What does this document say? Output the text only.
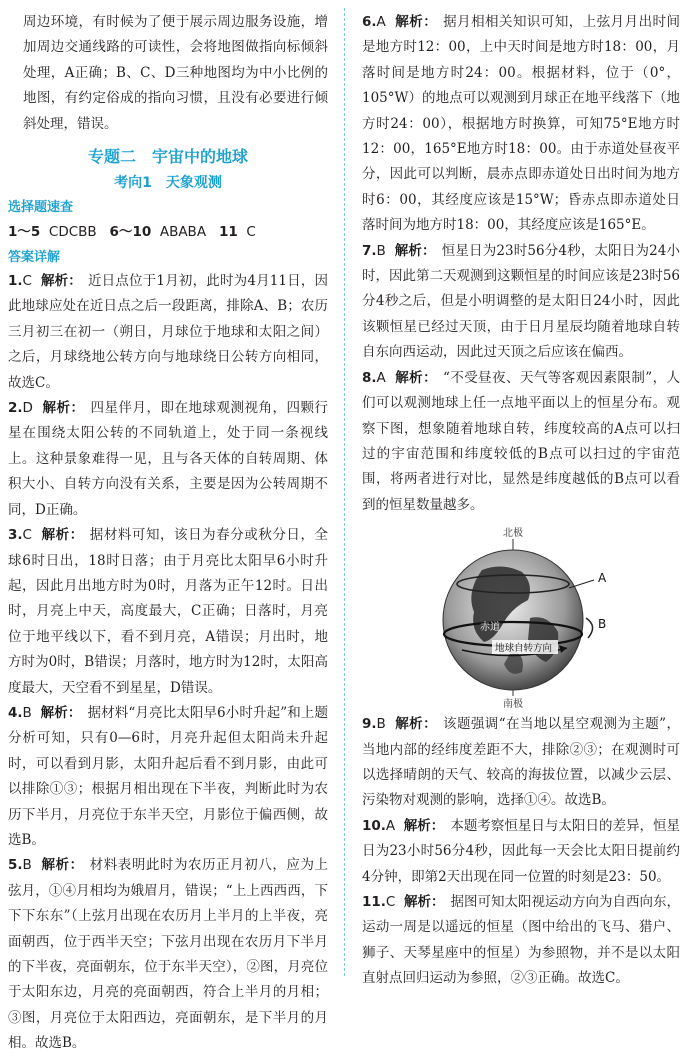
周边环境，有时候为了便于展示周边服务设施，增加周边交通线路的可读性，会将地图做指向标倾斜处理，A正确；B、C、D三种地图均为中小比例的地图，有约定俗成的指向习惯，且没有必要进行倾斜处理，错误。

专题二　宇宙中的地球
考向1　天象观测
选择题速查
1～5 CDCBB 6～10 ABABA 11 C
答案详解

1.C 解析： 近日点位于1月初，此时为4月11日，因此地球应处在近日点之后一段距离，排除A、B；农历三月初三在初一（朔日，月球位于地球和太阳之间）之后，月球绕地公转方向与地球绕日公转方向相同，故选C。

2.D 解析： 四星伴月，即在地球观测视角，四颗行星在围绕太阳公转的不同轨道上，处于同一条视线上。这种景象难得一见，且与各天体的自转周期、体积大小、自转方向没有关系，主要是因为公转周期不同，D正确。

3.C 解析： 据材料可知，该日为春分或秋分日，全球6时日出，18时日落；由于月亮比太阳早6小时升起，因此月出地方时为0时，月落为正午12时。日出时，月亮上中天，高度最大，C正确；日落时，月亮位于地平线以下，看不到月亮，A错误；月出时，地方时为0时，B错误；月落时，地方时为12时，太阳高度最大，天空看不到星星，D错误。

4.B 解析： 据材料“月亮比太阳早6小时升起”和上题分析可知，只有0—6时，月亮升起但太阳尚未升起时，可以看到月影，太阳升起后看不到月影，由此可以排除①③；根据月相出现在下半夜，判断此时为农历下半月，月亮位于东半天空，月影位于偏西侧，故选B。

5.B 解析： 材料表明此时为农历正月初八，应为上弦月，①④月相均为娥眉月，错误；“上上西西西，下下下东东”（上弦月出现在农历月上半月的上半夜，亮面朝西，位于西半天空；下弦月出现在农历月下半月的下半夜，亮面朝东，位于东半天空），②图，月亮位于太阳东边，月亮的亮面朝西，符合上半月的月相；③图，月亮位于太阳西边，亮面朝东，是下半月的月相。故选B。

6.A 解析： 据月相相关知识可知，上弦月月出时间是地方时12：00，上中天时间是地方时18：00，月落时间是地方时24：00。根据材料，位于（0°，105°W）的地点可以观测到月球正在地平线落下（地方时24：00），根据地方时换算，可知75°E地方时12：00，165°E地方时18：00。由于赤道处昼夜平分，因此可以判断，晨赤点即赤道处日出时间为地方时6：00，其经度应该是15°W；昏赤点即赤道处日落时间为地方时18：00，其经度应该是165°E。

7.B 解析： 恒星日为23时56分4秒，太阳日为24小时，因此第二天观测到这颗恒星的时间应该是23时56分4秒之后，但是小明调整的是太阳日24小时，因此该颗恒星已经过天顶，由于日月星辰均随着地球自转自东向西运动，因此过天顶之后应该在偏西。

8.A 解析： “不受昼夜、天气等客观因素限制”，人们可以观测地球上任一点地平面以上的恒星分布。观察下图，想象随着地球自转，纬度较高的A点可以扫过的宇宙范围和纬度较低的B点可以扫过的宇宙范围，将两者进行对比，显然是纬度越低的B点可以看到的恒星数量越多。

北极
A
B
赤道
地球自转方向
南极

9.B 解析： 该题强调“在当地以星空观测为主题”，当地内部的经纬度差距不大，排除②③；在观测时可以选择晴朗的天气、较高的海拔位置，以减少云层、污染物对观测的影响，选择①④。故选B。

10.A 解析： 本题考察恒星日与太阳日的差异，恒星日为23小时56分4秒，因此每一天会比太阳日提前约4分钟，即第2天出现在同一位置的时刻是23：50。

11.C 解析： 据图可知太阳视运动方向为自西向东，运动一周是以遥远的恒星（图中给出的飞马、猎户、狮子、天琴星座中的恒星）为参照物，并不是以太阳直射点回归运动为参照，②③正确。故选C。
